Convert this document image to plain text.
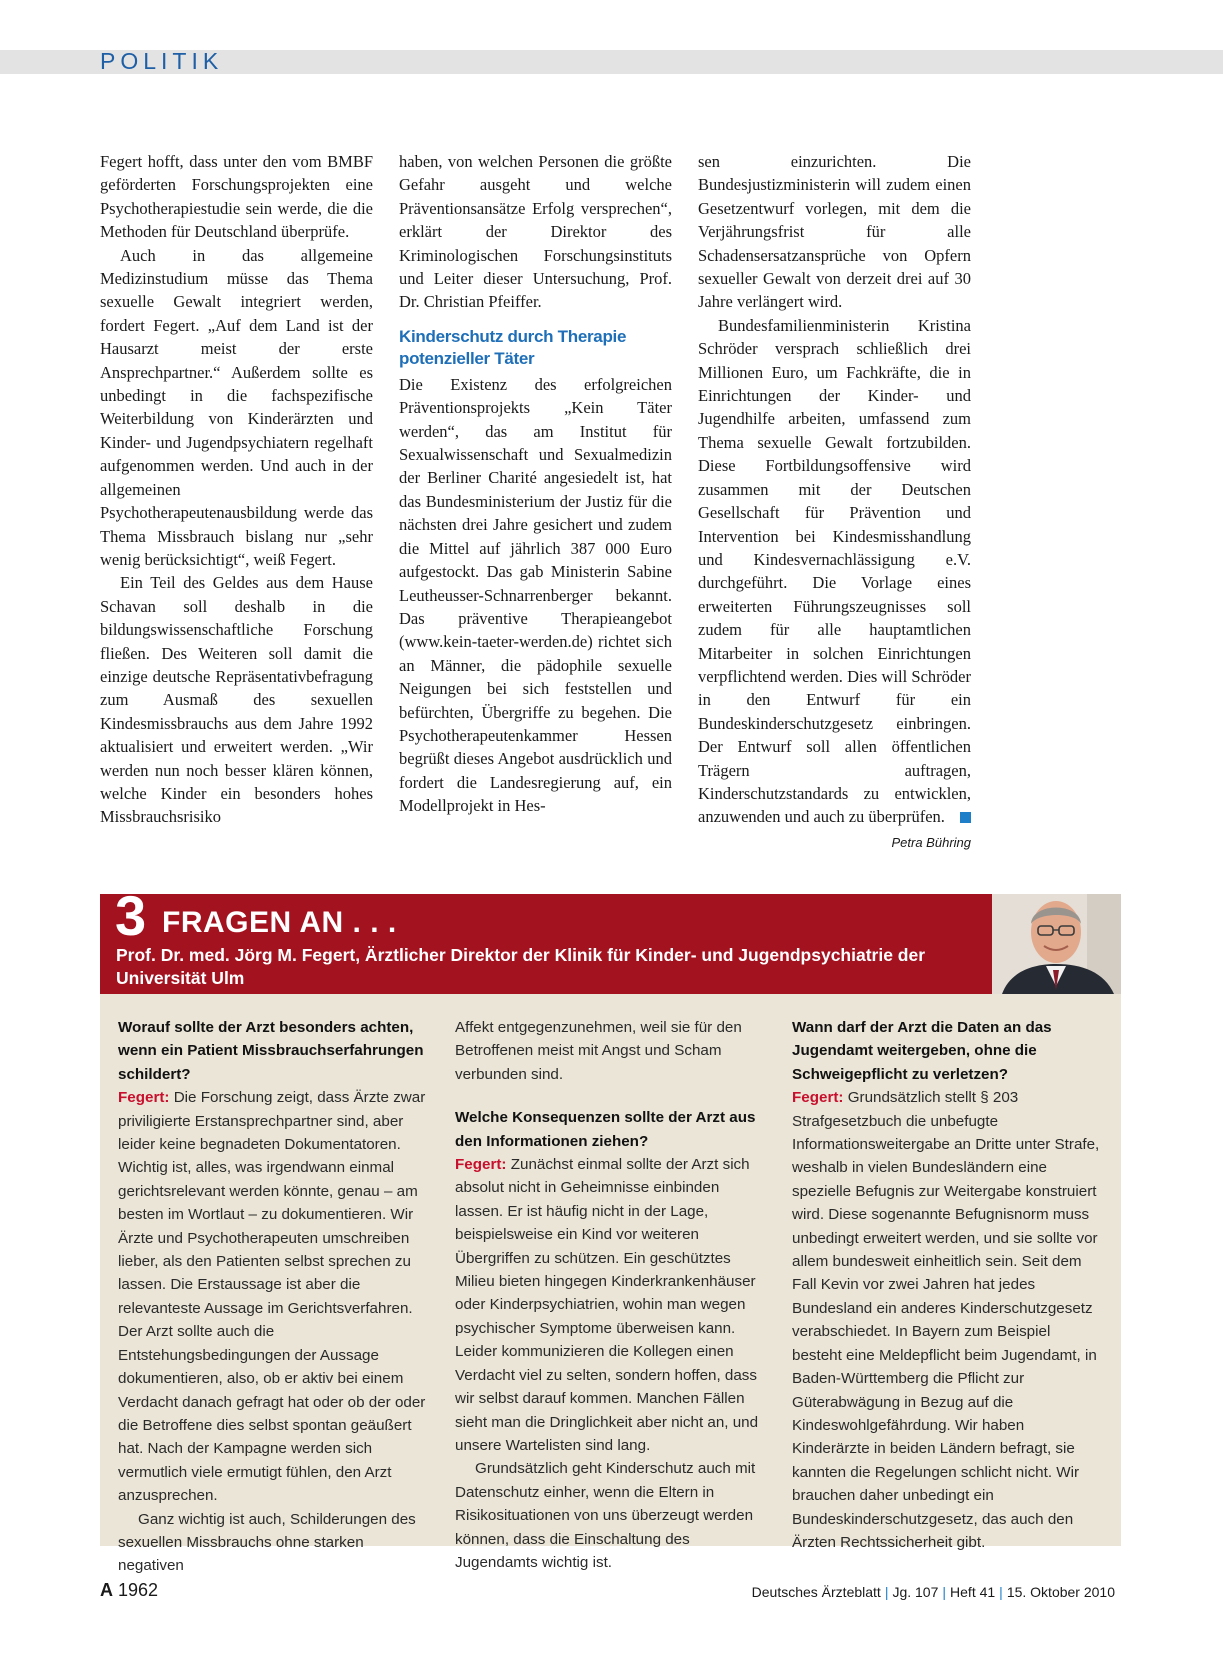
POLITIK

Fegert hofft, dass unter den vom BMBF geförderten Forschungsprojekten eine Psychotherapiestudie sein werde, die die Methoden für Deutschland überprüfe.

Auch in das allgemeine Medizinstudium müsse das Thema sexuelle Gewalt integriert werden, fordert Fegert. „Auf dem Land ist der Hausarzt meist der erste Ansprechpartner.“ Außerdem sollte es unbedingt in die fachspezifische Weiterbildung von Kinderärzten und Kinder- und Jugendpsychiatern regelhaft aufgenommen werden. Und auch in der allgemeinen Psychotherapeutenausbildung werde das Thema Missbrauch bislang nur „sehr wenig berücksichtigt“, weiß Fegert.

Ein Teil des Geldes aus dem Hause Schavan soll deshalb in die bildungswissenschaftliche Forschung fließen. Des Weiteren soll damit die einzige deutsche Repräsentativbefragung zum Ausmaß des sexuellen Kindesmissbrauchs aus dem Jahre 1992 aktualisiert und erweitert werden. „Wir werden nun noch besser klären können, welche Kinder ein besonders hohes Missbrauchsrisiko

haben, von welchen Personen die größte Gefahr ausgeht und welche Präventionsansätze Erfolg versprechen“, erklärt der Direktor des Kriminologischen Forschungsinstituts und Leiter dieser Untersuchung, Prof. Dr. Christian Pfeiffer.

Kinderschutz durch Therapie potenzieller Täter

Die Existenz des erfolgreichen Präventionsprojekts „Kein Täter werden“, das am Institut für Sexualwissenschaft und Sexualmedizin der Berliner Charité angesiedelt ist, hat das Bundesministerium der Justiz für die nächsten drei Jahre gesichert und zudem die Mittel auf jährlich 387 000 Euro aufgestockt. Das gab Ministerin Sabine Leutheusser-Schnarrenberger bekannt. Das präventive Therapieangebot (www.kein-taeter-werden.de) richtet sich an Männer, die pädophile sexuelle Neigungen bei sich feststellen und befürchten, Übergriffe zu begehen. Die Psychotherapeutenkammer Hessen begrüßt dieses Angebot ausdrücklich und fordert die Landesregierung auf, ein Modellprojekt in Hes-

sen einzurichten. Die Bundesjustizministerin will zudem einen Gesetzentwurf vorlegen, mit dem die Verjährungsfrist für alle Schadensersatzansprüche von Opfern sexueller Gewalt von derzeit drei auf 30 Jahre verlängert wird.

Bundesfamilienministerin Kristina Schröder versprach schließlich drei Millionen Euro, um Fachkräfte, die in Einrichtungen der Kinder- und Jugendhilfe arbeiten, umfassend zum Thema sexuelle Gewalt fortzubilden. Diese Fortbildungsoffensive wird zusammen mit der Deutschen Gesellschaft für Prävention und Intervention bei Kindesmisshandlung und Kindesvernachlässigung e.V. durchgeführt. Die Vorlage eines erweiterten Führungszeugnisses soll zudem für alle hauptamtlichen Mitarbeiter in solchen Einrichtungen verpflichtend werden. Dies will Schröder in den Entwurf für ein Bundeskinderschutzgesetz einbringen. Der Entwurf soll allen öffentlichen Trägern auftragen, Kinderschutzstandards zu entwicklen, anzuwenden und auch zu überprüfen.

Petra Bühring
3 FRAGEN AN . . .
Prof. Dr. med. Jörg M. Fegert, Ärztlicher Direktor der Klinik für Kinder- und Jugendpsychiatrie der Universität Ulm

Worauf sollte der Arzt besonders achten, wenn ein Patient Missbrauchserfahrungen schildert?

Fegert: Die Forschung zeigt, dass Ärzte zwar priviligierte Erstansprechpartner sind, aber leider keine begnadeten Dokumentatoren. Wichtig ist, alles, was irgendwann einmal gerichtsrelevant werden könnte, genau – am besten im Wortlaut – zu dokumentieren. Wir Ärzte und Psychotherapeuten umschreiben lieber, als den Patienten selbst sprechen zu lassen. Die Erstaussage ist aber die relevanteste Aussage im Gerichtsverfahren. Der Arzt sollte auch die Entstehungsbedingungen der Aussage dokumentieren, also, ob er aktiv bei einem Verdacht danach gefragt hat oder ob der oder die Betroffene dies selbst spontan geäußert hat. Nach der Kampagne werden sich vermutlich viele ermutigt fühlen, den Arzt anzusprechen.

Ganz wichtig ist auch, Schilderungen des sexuellen Missbrauchs ohne starken negativen

Affekt entgegenzunehmen, weil sie für den Betroffenen meist mit Angst und Scham verbunden sind.

Welche Konsequenzen sollte der Arzt aus den Informationen ziehen?

Fegert: Zunächst einmal sollte der Arzt sich absolut nicht in Geheimnisse einbinden lassen. Er ist häufig nicht in der Lage, beispielsweise ein Kind vor weiteren Übergriffen zu schützen. Ein geschütztes Milieu bieten hingegen Kinderkrankenhäuser oder Kinderpsychiatrien, wohin man wegen psychischer Symptome überweisen kann. Leider kommunizieren die Kollegen einen Verdacht viel zu selten, sondern hoffen, dass wir selbst darauf kommen. Manchen Fällen sieht man die Dringlichkeit aber nicht an, und unsere Wartelisten sind lang.

Grundsätzlich geht Kinderschutz auch mit Datenschutz einher, wenn die Eltern in Risikosituationen von uns überzeugt werden können, dass die Einschaltung des Jugendamts wichtig ist.

Wann darf der Arzt die Daten an das Jugendamt weitergeben, ohne die Schweigepflicht zu verletzen?

Fegert: Grundsätzlich stellt § 203 Strafgesetzbuch die unbefugte Informationsweitergabe an Dritte unter Strafe, weshalb in vielen Bundesländern eine spezielle Befugnis zur Weitergabe konstruiert wird. Diese sogenannte Befugnisnorm muss unbedingt erweitert werden, und sie sollte vor allem bundesweit einheitlich sein. Seit dem Fall Kevin vor zwei Jahren hat jedes Bundesland ein anderes Kinderschutzgesetz verabschiedet. In Bayern zum Beispiel besteht eine Meldepflicht beim Jugendamt, in Baden-Württemberg die Pflicht zur Güterabwägung in Bezug auf die Kindeswohlgefährdung. Wir haben Kinderärzte in beiden Ländern befragt, sie kannten die Regelungen schlicht nicht. Wir brauchen daher unbedingt ein Bundeskinderschutzgesetz, das auch den Ärzten Rechtssicherheit gibt.

A 1962	Deutsches Ärzteblatt | Jg. 107 | Heft 41 | 15. Oktober 2010
